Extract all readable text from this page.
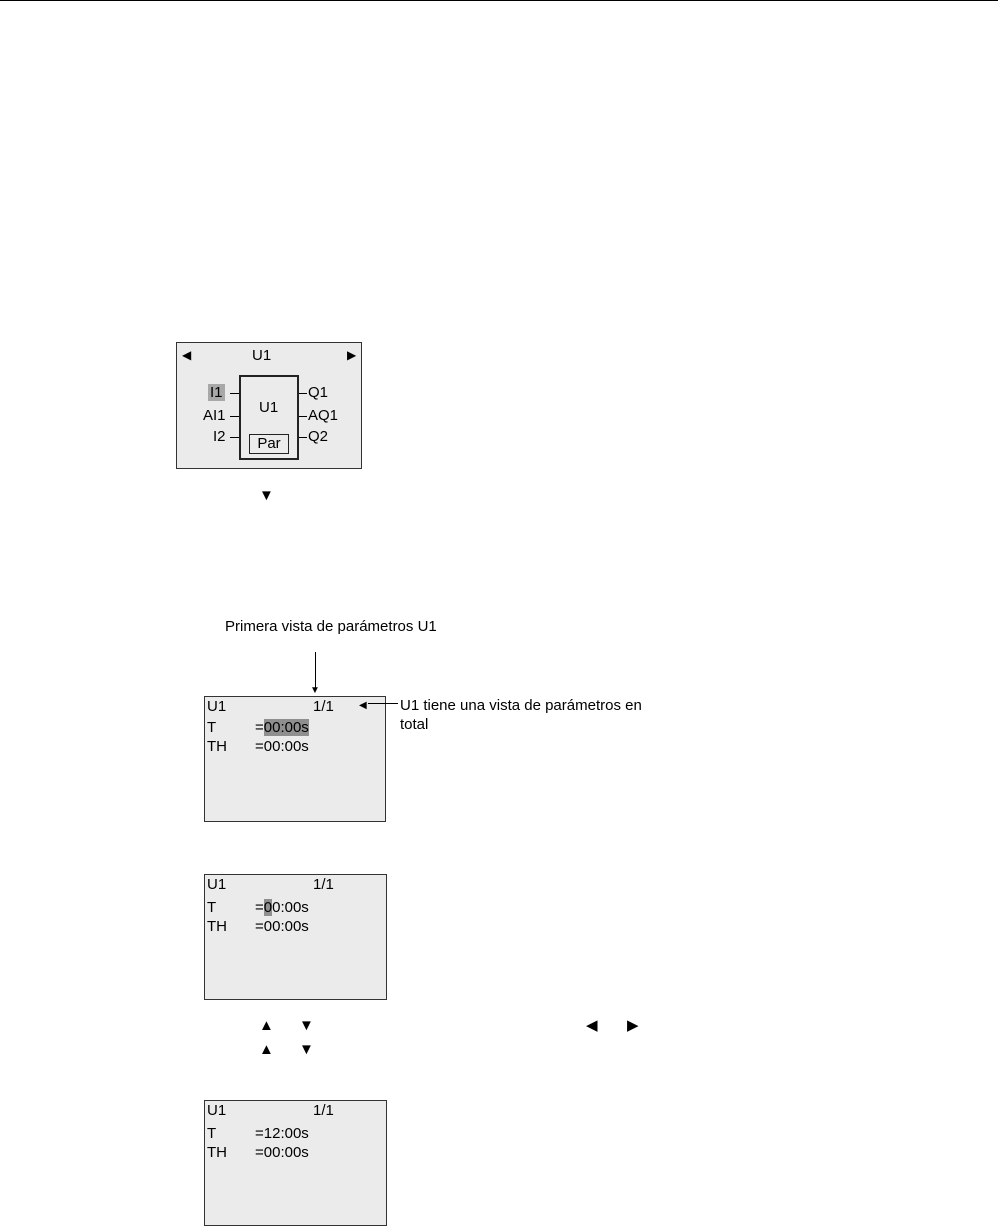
◀	U1	▶
U1
Par
I1
AI1
I2
Q1
AQ1
Q2
▼
Primera vista de parámetros U1
▼
U1	1/1
T	=00:00s
TH =00:00s
◀ U1 tiene una vista de parámetros en total
U1	1/1
T	=00:00s
TH =00:00s
▲ ▼	◀ ▶
▲ ▼
U1	1/1
T	=12:00s
TH =00:00s
